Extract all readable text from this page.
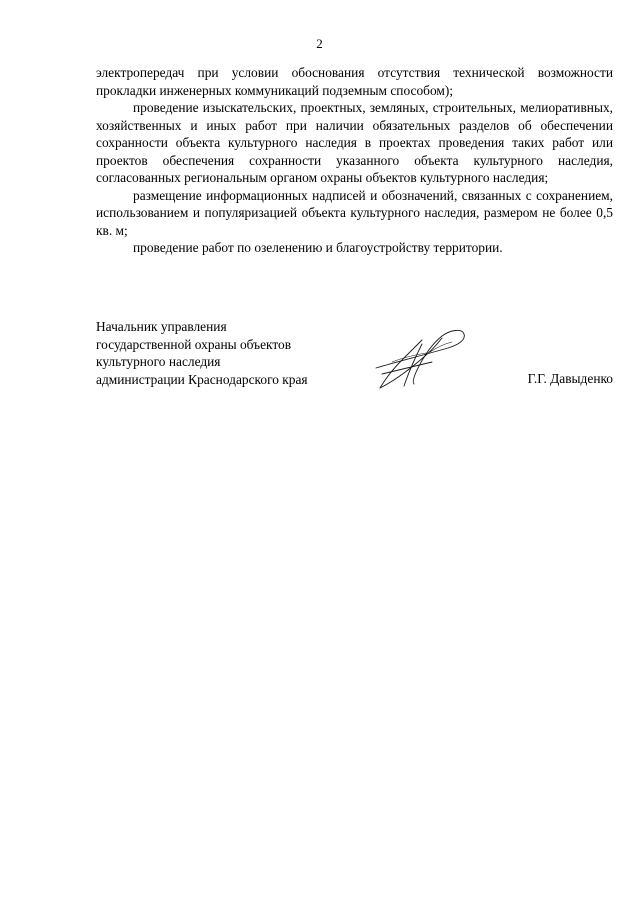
2

электропередач при условии обоснования отсутствия технической возможности прокладки инженерных коммуникаций подземным способом);

проведение изыскательских, проектных, земляных, строительных, мелиоративных, хозяйственных и иных работ при наличии обязательных разделов об обеспечении сохранности объекта культурного наследия в проектах проведения таких работ или проектов обеспечения сохранности указанного объекта культурного наследия, согласованных региональным органом охраны объектов культурного наследия;

размещение информационных надписей и обозначений, связанных с сохранением, использованием и популяризацией объекта культурного наследия, размером не более 0,5 кв. м;

проведение работ по озеленению и благоустройству территории.

Начальник управления
государственной охраны объектов
культурного наследия
администрации Краснодарского края	Г.Г. Давыденко
